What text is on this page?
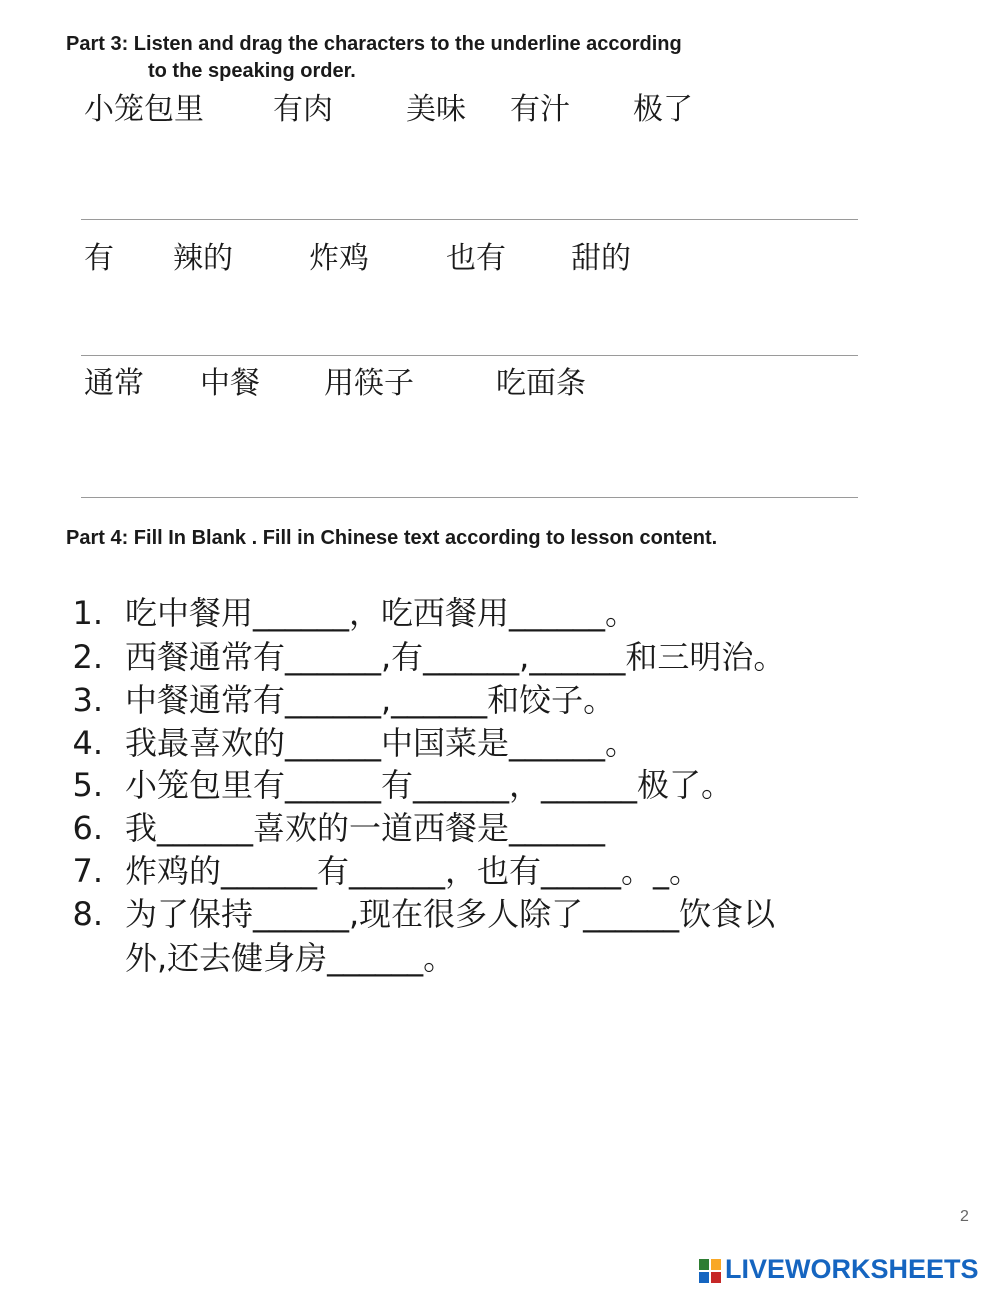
Part 3: Listen and drag the characters to the underline according
to the speaking order.

小笼包里 有肉 美味 有汁 极了
有 辣的	炸鸡	也有 甜的
通常 中餐 用筷子	吃面条

Part 4: Fill In Blank . Fill in Chinese text according to lesson content.

1. 吃中餐用______，吃西餐用______。
2. 西餐通常有______,有______,______和三明治。
3. 中餐通常有______,______和饺子。
4. 我最喜欢的______中国菜是______。
5. 小笼包里有______有______，______极了。
6. 我______喜欢的一道西餐是______
7. 炸鸡的______有______，也有_____。_。
8. 为了保持______,现在很多人除了______饮食以
外,还去健身房______。
2
LIVEWORKSHEETS
